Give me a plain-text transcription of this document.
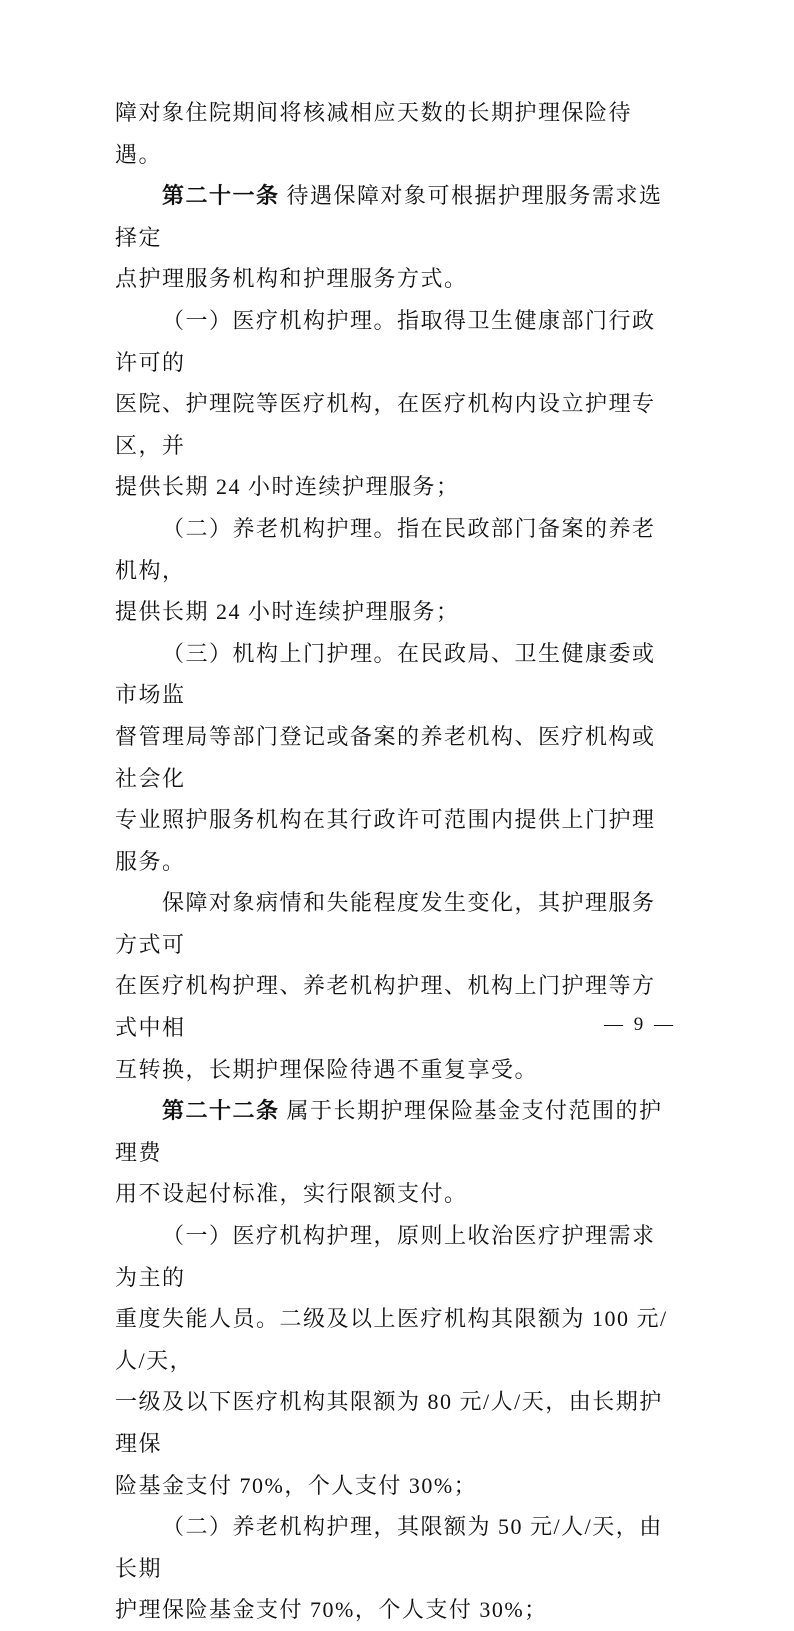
障对象住院期间将核减相应天数的长期护理保险待遇。

第二十一条 待遇保障对象可根据护理服务需求选择定

点护理服务机构和护理服务方式。

（一）医疗机构护理。指取得卫生健康部门行政许可的

医院、护理院等医疗机构，在医疗机构内设立护理专区，并

提供长期 24 小时连续护理服务；

（二）养老机构护理。指在民政部门备案的养老机构，

提供长期 24 小时连续护理服务；

（三）机构上门护理。在民政局、卫生健康委或市场监

督管理局等部门登记或备案的养老机构、医疗机构或社会化

专业照护服务机构在其行政许可范围内提供上门护理服务。

保障对象病情和失能程度发生变化，其护理服务方式可

在医疗机构护理、养老机构护理、机构上门护理等方式中相

互转换，长期护理保险待遇不重复享受。

第二十二条 属于长期护理保险基金支付范围的护理费

用不设起付标准，实行限额支付。

（一）医疗机构护理，原则上收治医疗护理需求为主的

重度失能人员。二级及以上医疗机构其限额为 100 元/人/天，

一级及以下医疗机构其限额为 80 元/人/天，由长期护理保

险基金支付 70%，个人支付 30%；

（二）养老机构护理，其限额为 50 元/人/天，由长期

护理保险基金支付 70%，个人支付 30%；

— 9 —
